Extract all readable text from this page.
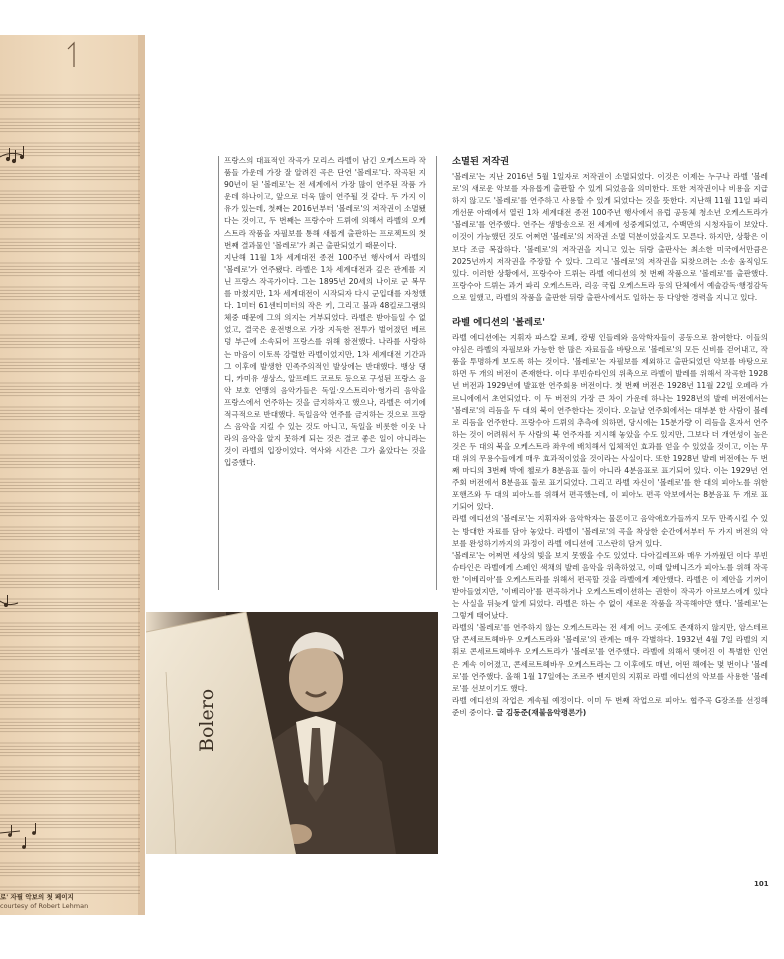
로' 자필 악보의 첫 페이지
courtesy of Robert Lehman

프랑스의 대표적인 작곡가 모리스 라벨이 남긴 오케스트라 작품들 가운데 가장 잘 알려진 곡은 단연 '볼레로'다. 작곡된 지 90년이 된 '볼레로'는 전 세계에서 가장 많이 연주된 작품 가운데 하나이고, 앞으로 더욱 많이 연주될 것 같다. 두 가지 이유가 있는데, 첫째는 2016년부터 '볼레로'의 저작권이 소멸됐다는 것이고, 두 번째는 프랑수아 드뤼에 의해서 라벨의 오케스트라 작품을 자필보를 통해 새롭게 출판하는 프로젝트의 첫 번째 결과물인 '볼레로'가 최근 출판되었기 때문이다.

지난해 11월 1차 세계대전 종전 100주년 행사에서 라벨의 '볼레로'가 연주됐다. 라벨은 1차 세계대전과 깊은 관계를 지닌 프랑스 작곡가이다. 그는 1895년 20세의 나이로 군 복무를 마쳤지만, 1차 세계대전이 시작되자 다시 군입대를 자청했다. 1미터 61센티미터의 작은 키, 그리고 불과 48킬로그램의 체중 때문에 그의 의지는 거부되었다. 라벨은 받아들일 수 없었고, 결국은 운전병으로 가장 지독한 전투가 벌어졌던 베르덩 부근에 소속되어 프랑스를 위해 참전했다. 나라를 사랑하는 마음이 이토록 강렬한 라벨이었지만, 1차 세계대전 기간과 그 이후에 발생한 민족주의적인 발상에는 반대했다. 뱅상 댕디, 카미유 생상스, 알프레드 코르토 등으로 구성된 프랑스 음악 보호 연맹의 음악가들은 독일·오스트리아·헝가리 음악을 프랑스에서 연주하는 것을 금지하자고 했으나, 라벨은 여기에 적극적으로 반대했다. 독일음악 연주를 금지하는 것으로 프랑스 음악을 지킬 수 있는 것도 아니고, 독일을 비롯한 이웃 나라의 음악을 알지 못하게 되는 것은 결코 좋은 일이 아니라는 것이 라벨의 입장이었다. 역사와 시간은 그가 옳았다는 것을 입증했다.

Bolero
소멸된 저작권

'볼레로'는 지난 2016년 5월 1일자로 저작권이 소멸되었다. 이것은 이제는 누구나 라벨 '볼레로'의 새로운 악보를 자유롭게 출판할 수 있게 되었음을 의미한다. 또한 저작권이나 비용을 지급하지 않고도 '볼레로'를 연주하고 사용할 수 있게 되었다는 것을 뜻한다. 지난해 11월 11일 파리 개선문 아래에서 열린 1차 세계대전 종전 100주년 행사에서 유럽 공동체 청소년 오케스트라가 '볼레로'를 연주했다. 연주는 생방송으로 전 세계에 성중계되었고, 수백만의 시청자들이 보았다. 이것이 가능했던 것도 어쩌면 '볼레로'의 저작권 소멸 덕분이었을지도 모른다. 하지만, 상황은 이보다 조금 복잡하다. '볼레로'의 저작권을 지니고 있는 뒤랑 출판사는 최소한 미국에서만큼은 2025년까지 저작권을 주장할 수 있다. 그리고 '볼레로'의 저작권을 되찾으려는 소송 움직임도 있다. 이러한 상황에서, 프랑수아 드뤼는 라벨 에디션의 첫 번째 작품으로 '볼레로'를 출판했다. 프랑수아 드뤼는 과거 파리 오케스트라, 리옹 국립 오케스트라 등의 단체에서 예술감독·행정감독으로 일했고, 라벨의 작품을 출판한 뒤랑 출판사에서도 일하는 등 다양한 경력을 지니고 있다.

라벨 에디션의 '볼레로'

라벨 에디션에는 지휘자 파스칼 로페, 캉탱 인들레와 음악학자들이 공동으로 참여한다. 이들의 야심은 라벨의 자필보와 가능한 한 많은 자료들을 바탕으로 '볼레로'의 모든 신비를 걷어내고, 작품을 투명하게 보도록 하는 것이다. '볼레로'는 자필보를 제외하고 출판되었던 악보를 바탕으로 하면 두 개의 버전이 존재한다. 이다 루빈슈타인의 위촉으로 라벨이 발레를 위해서 작곡한 1928년 버전과 1929년에 발표한 연주회용 버전이다. 첫 번째 버전은 1928년 11월 22일 오페라 가르니에에서 초연되었다. 이 두 버전의 가장 큰 차이 가운데 하나는 1928년의 발레 버전에서는 '볼레로'의 리듬을 두 대의 북이 연주한다는 것이다. 오늘날 연주회에서는 대부분 한 사람이 볼레로 리듬을 연주한다. 프랑수아 드뤼의 추측에 의하면, 당시에는 15분가량 이 리듬을 혼자서 연주하는 것이 어려워서 두 사람의 북 연주자를 지시해 놓았을 수도 있지만, 그보다 더 개연성이 높은 것은 두 대의 북을 오케스트라 좌우에 배치해서 입체적인 효과를 얻을 수 있었을 것이고, 이는 무대 위의 무용수들에게 매우 효과적이었을 것이라는 사실이다. 또한 1928년 발레 버전에는 두 번째 마디의 3번째 박에 첼로가 8분음표 둘이 아니라 4분음표로 표기되어 있다. 이는 1929년 연주회 버전에서 8분음표 둘로 표기되었다. 그리고 라벨 자신이 '볼레로'를 한 대의 피아노를 위한 포핸즈와 두 대의 피아노를 위해서 편곡했는데, 이 피아노 편곡 악보에서는 8분음표 두 개로 표기되어 있다.

라벨 에디션의 '볼레로'는 지휘자와 음악학자는 물론이고 음악애호가들까지 모두 만족시킬 수 있는 방대한 자료를 담아 놓았다. 라벨이 '볼레로'의 곡을 착상한 순간에서부터 두 가지 버전의 악보를 완성하기까지의 과정이 라벨 에디션에 고스란히 담겨 있다.

'볼레로'는 어쩌면 세상의 빛을 보지 못했을 수도 있었다. 다아길레프와 매우 가까웠던 이다 루빈슈타인은 라벨에게 스페인 색채의 발레 음악을 위촉하였고, 이때 알베니즈가 피아노를 위해 작곡한 '이베리아'를 오케스트라를 위해서 편곡할 것을 라벨에게 제안했다. 라벨은 이 제안을 기꺼이 받아들였지만, '이베리아'를 편곡하거나 오케스트레이션하는 권한이 작곡가 아르보스에게 있다는 사실을 뒤늦게 알게 되었다. 라벨은 하는 수 없이 새로운 작품을 작곡해야만 했다. '볼레로'는 그렇게 태어났다.

라벨의 '볼레로'를 연주하지 않는 오케스트라는 전 세계 어느 곳에도 존재하지 않지만, 암스테르담 콘세르트헤바우 오케스트라와 '볼레로'의 관계는 매우 각별하다. 1932년 4월 7일 라벨의 지휘로 콘세르트헤바우 오케스트라가 '볼레로'를 연주했다. 라벨에 의해서 맺어진 이 특별한 인연은 계속 이어졌고, 콘세르트헤바우 오케스트라는 그 이후에도 매년, 어떤 해에는 몇 번이나 '볼레로'를 연주했다. 올해 1월 17일에는 조르주 벤지민의 지휘로 라벨 에디션의 악보를 사용한 '볼레로'를 선보이기도 했다.

라벨 에디션의 작업은 계속될 예정이다. 이미 두 번째 작업으로 피아노 협주곡 G장조를 선정해 준비 중이다. 글 김동준(재불음악평론가)

101
